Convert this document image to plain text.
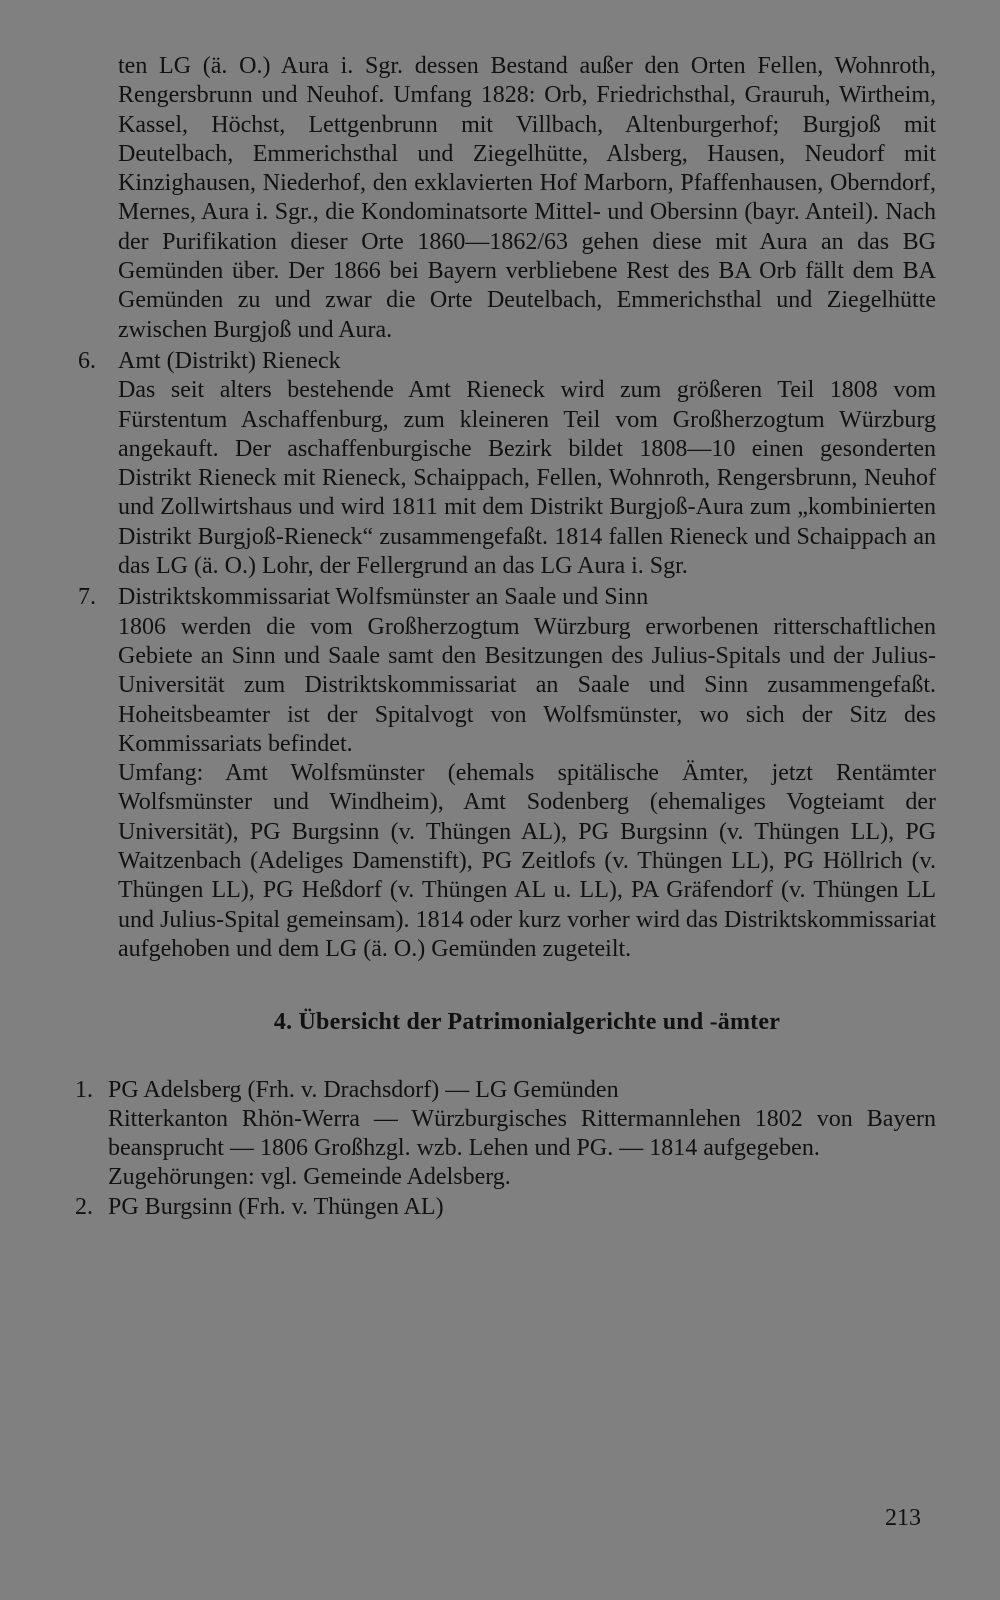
ten LG (ä. O.) Aura i. Sgr. dessen Bestand außer den Orten Fellen, Wohnroth, Rengersbrunn und Neuhof. Umfang 1828: Orb, Friedrichsthal, Grauruh, Wirtheim, Kassel, Höchst, Lettgenbrunn mit Villbach, Altenburgerhof; Burgjoß mit Deutelbach, Emmerichsthal und Ziegelhütte, Alsberg, Hausen, Neudorf mit Kinzighausen, Niederhof, den exklavierten Hof Marborn, Pfaffenhausen, Oberndorf, Mernes, Aura i. Sgr., die Kondominatsorte Mittel- und Obersinn (bayr. Anteil). Nach der Purifikation dieser Orte 1860—1862/63 gehen diese mit Aura an das BG Gemünden über. Der 1866 bei Bayern verbliebene Rest des BA Orb fällt dem BA Gemünden zu und zwar die Orte Deutelbach, Emmerichsthal und Ziegelhütte zwischen Burgjoß und Aura.

6. Amt (Distrikt) Rieneck

Das seit alters bestehende Amt Rieneck wird zum größeren Teil 1808 vom Fürstentum Aschaffenburg, zum kleineren Teil vom Großherzogtum Würzburg angekauft. Der aschaffenburgische Bezirk bildet 1808—10 einen gesonderten Distrikt Rieneck mit Rieneck, Schaippach, Fellen, Wohnroth, Rengersbrunn, Neuhof und Zollwirtshaus und wird 1811 mit dem Distrikt Burgjoß-Aura zum „kombinierten Distrikt Burgjoß-Rieneck“ zusammengefaßt. 1814 fallen Rieneck und Schaippach an das LG (ä. O.) Lohr, der Fellergrund an das LG Aura i. Sgr.

7. Distriktskommissariat Wolfsmünster an Saale und Sinn

1806 werden die vom Großherzogtum Würzburg erworbenen ritterschaftlichen Gebiete an Sinn und Saale samt den Besitzungen des Julius-Spitals und der Julius-Universität zum Distriktskommissariat an Saale und Sinn zusammengefaßt. Hoheitsbeamter ist der Spitalvogt von Wolfsmünster, wo sich der Sitz des Kommissariats befindet.

Umfang: Amt Wolfsmünster (ehemals spitälische Ämter, jetzt Rentämter Wolfsmünster und Windheim), Amt Sodenberg (ehemaliges Vogteiamt der Universität), PG Burgsinn (v. Thüngen AL), PG Burgsinn (v. Thüngen LL), PG Waitzenbach (Adeliges Damenstift), PG Zeitlofs (v. Thüngen LL), PG Höllrich (v. Thüngen LL), PG Heßdorf (v. Thüngen AL u. LL), PA Gräfendorf (v. Thüngen LL und Julius-Spital gemeinsam). 1814 oder kurz vorher wird das Distriktskommissariat aufgehoben und dem LG (ä. O.) Gemünden zugeteilt.

4. Übersicht der Patrimonialgerichte und -ämter

1. PG Adelsberg (Frh. v. Drachsdorf) — LG Gemünden

Ritterkanton Rhön-Werra — Würzburgisches Rittermannlehen 1802 von Bayern beansprucht — 1806 Großhzgl. wzb. Lehen und PG. — 1814 aufgegeben.

Zugehörungen: vgl. Gemeinde Adelsberg.

2. PG Burgsinn (Frh. v. Thüngen AL)

213
